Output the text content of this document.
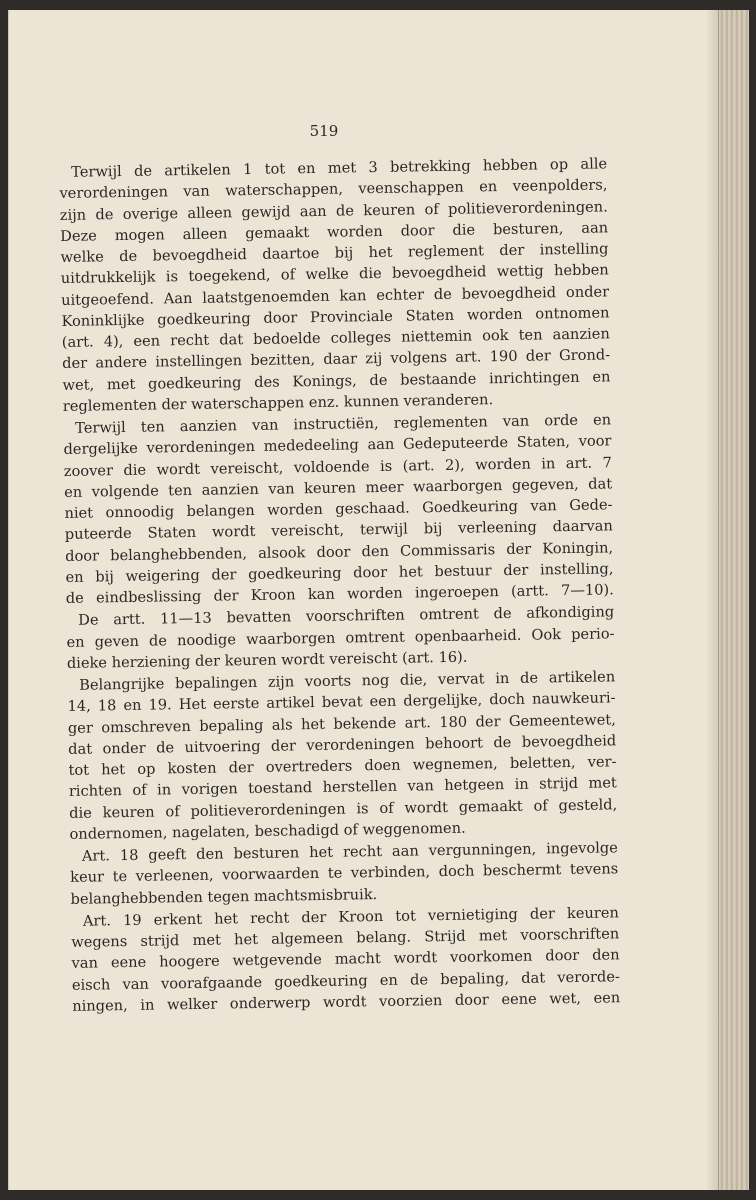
519
Terwijl de artikelen 1 tot en met 3 betrekking hebben op alle
verordeningen van waterschappen, veenschappen en veenpolders,
zijn de overige alleen gewijd aan de keuren of politieverordeningen.
Deze mogen alleen gemaakt worden door die besturen, aan
welke de bevoegdheid daartoe bij het reglement der instelling
uitdrukkelijk is toegekend, of welke die bevoegdheid wettig hebben
uitgeoefend. Aan laatstgenoemden kan echter de bevoegdheid onder
Koninklijke goedkeuring door Provinciale Staten worden ontnomen
(art. 4), een recht dat bedoelde colleges niettemin ook ten aanzien
der andere instellingen bezitten, daar zij volgens art. 190 der Grond-
wet, met goedkeuring des Konings, de bestaande inrichtingen en
reglementen der waterschappen enz. kunnen veranderen.
Terwijl ten aanzien van instructiën, reglementen van orde en
dergelijke verordeningen mededeeling aan Gedeputeerde Staten, voor
zoover die wordt vereischt, voldoende is (art. 2), worden in art. 7
en volgende ten aanzien van keuren meer waarborgen gegeven, dat
niet onnoodig belangen worden geschaad. Goedkeuring van Gede-
puteerde Staten wordt vereischt, terwijl bij verleening daarvan
door belanghebbenden, alsook door den Commissaris der Koningin,
en bij weigering der goedkeuring door het bestuur der instelling,
de eindbeslissing der Kroon kan worden ingeroepen (artt. 7—10).
De artt. 11—13 bevatten voorschriften omtrent de afkondiging
en geven de noodige waarborgen omtrent openbaarheid. Ook perio-
dieke herziening der keuren wordt vereischt (art. 16).
Belangrijke bepalingen zijn voorts nog die, vervat in de artikelen
14, 18 en 19. Het eerste artikel bevat een dergelijke, doch nauwkeuri-
ger omschreven bepaling als het bekende art. 180 der Gemeentewet,
dat onder de uitvoering der verordeningen behoort de bevoegdheid
tot het op kosten der overtreders doen wegnemen, beletten, ver-
richten of in vorigen toestand herstellen van hetgeen in strijd met
die keuren of politieverordeningen is of wordt gemaakt of gesteld,
ondernomen, nagelaten, beschadigd of weggenomen.
Art. 18 geeft den besturen het recht aan vergunningen, ingevolge
keur te verleenen, voorwaarden te verbinden, doch beschermt tevens
belanghebbenden tegen machtsmisbruik.
Art. 19 erkent het recht der Kroon tot vernietiging der keuren
wegens strijd met het algemeen belang. Strijd met voorschriften
van eene hoogere wetgevende macht wordt voorkomen door den
eisch van voorafgaande goedkeuring en de bepaling, dat verorde-
ningen, in welker onderwerp wordt voorzien door eene wet, een
